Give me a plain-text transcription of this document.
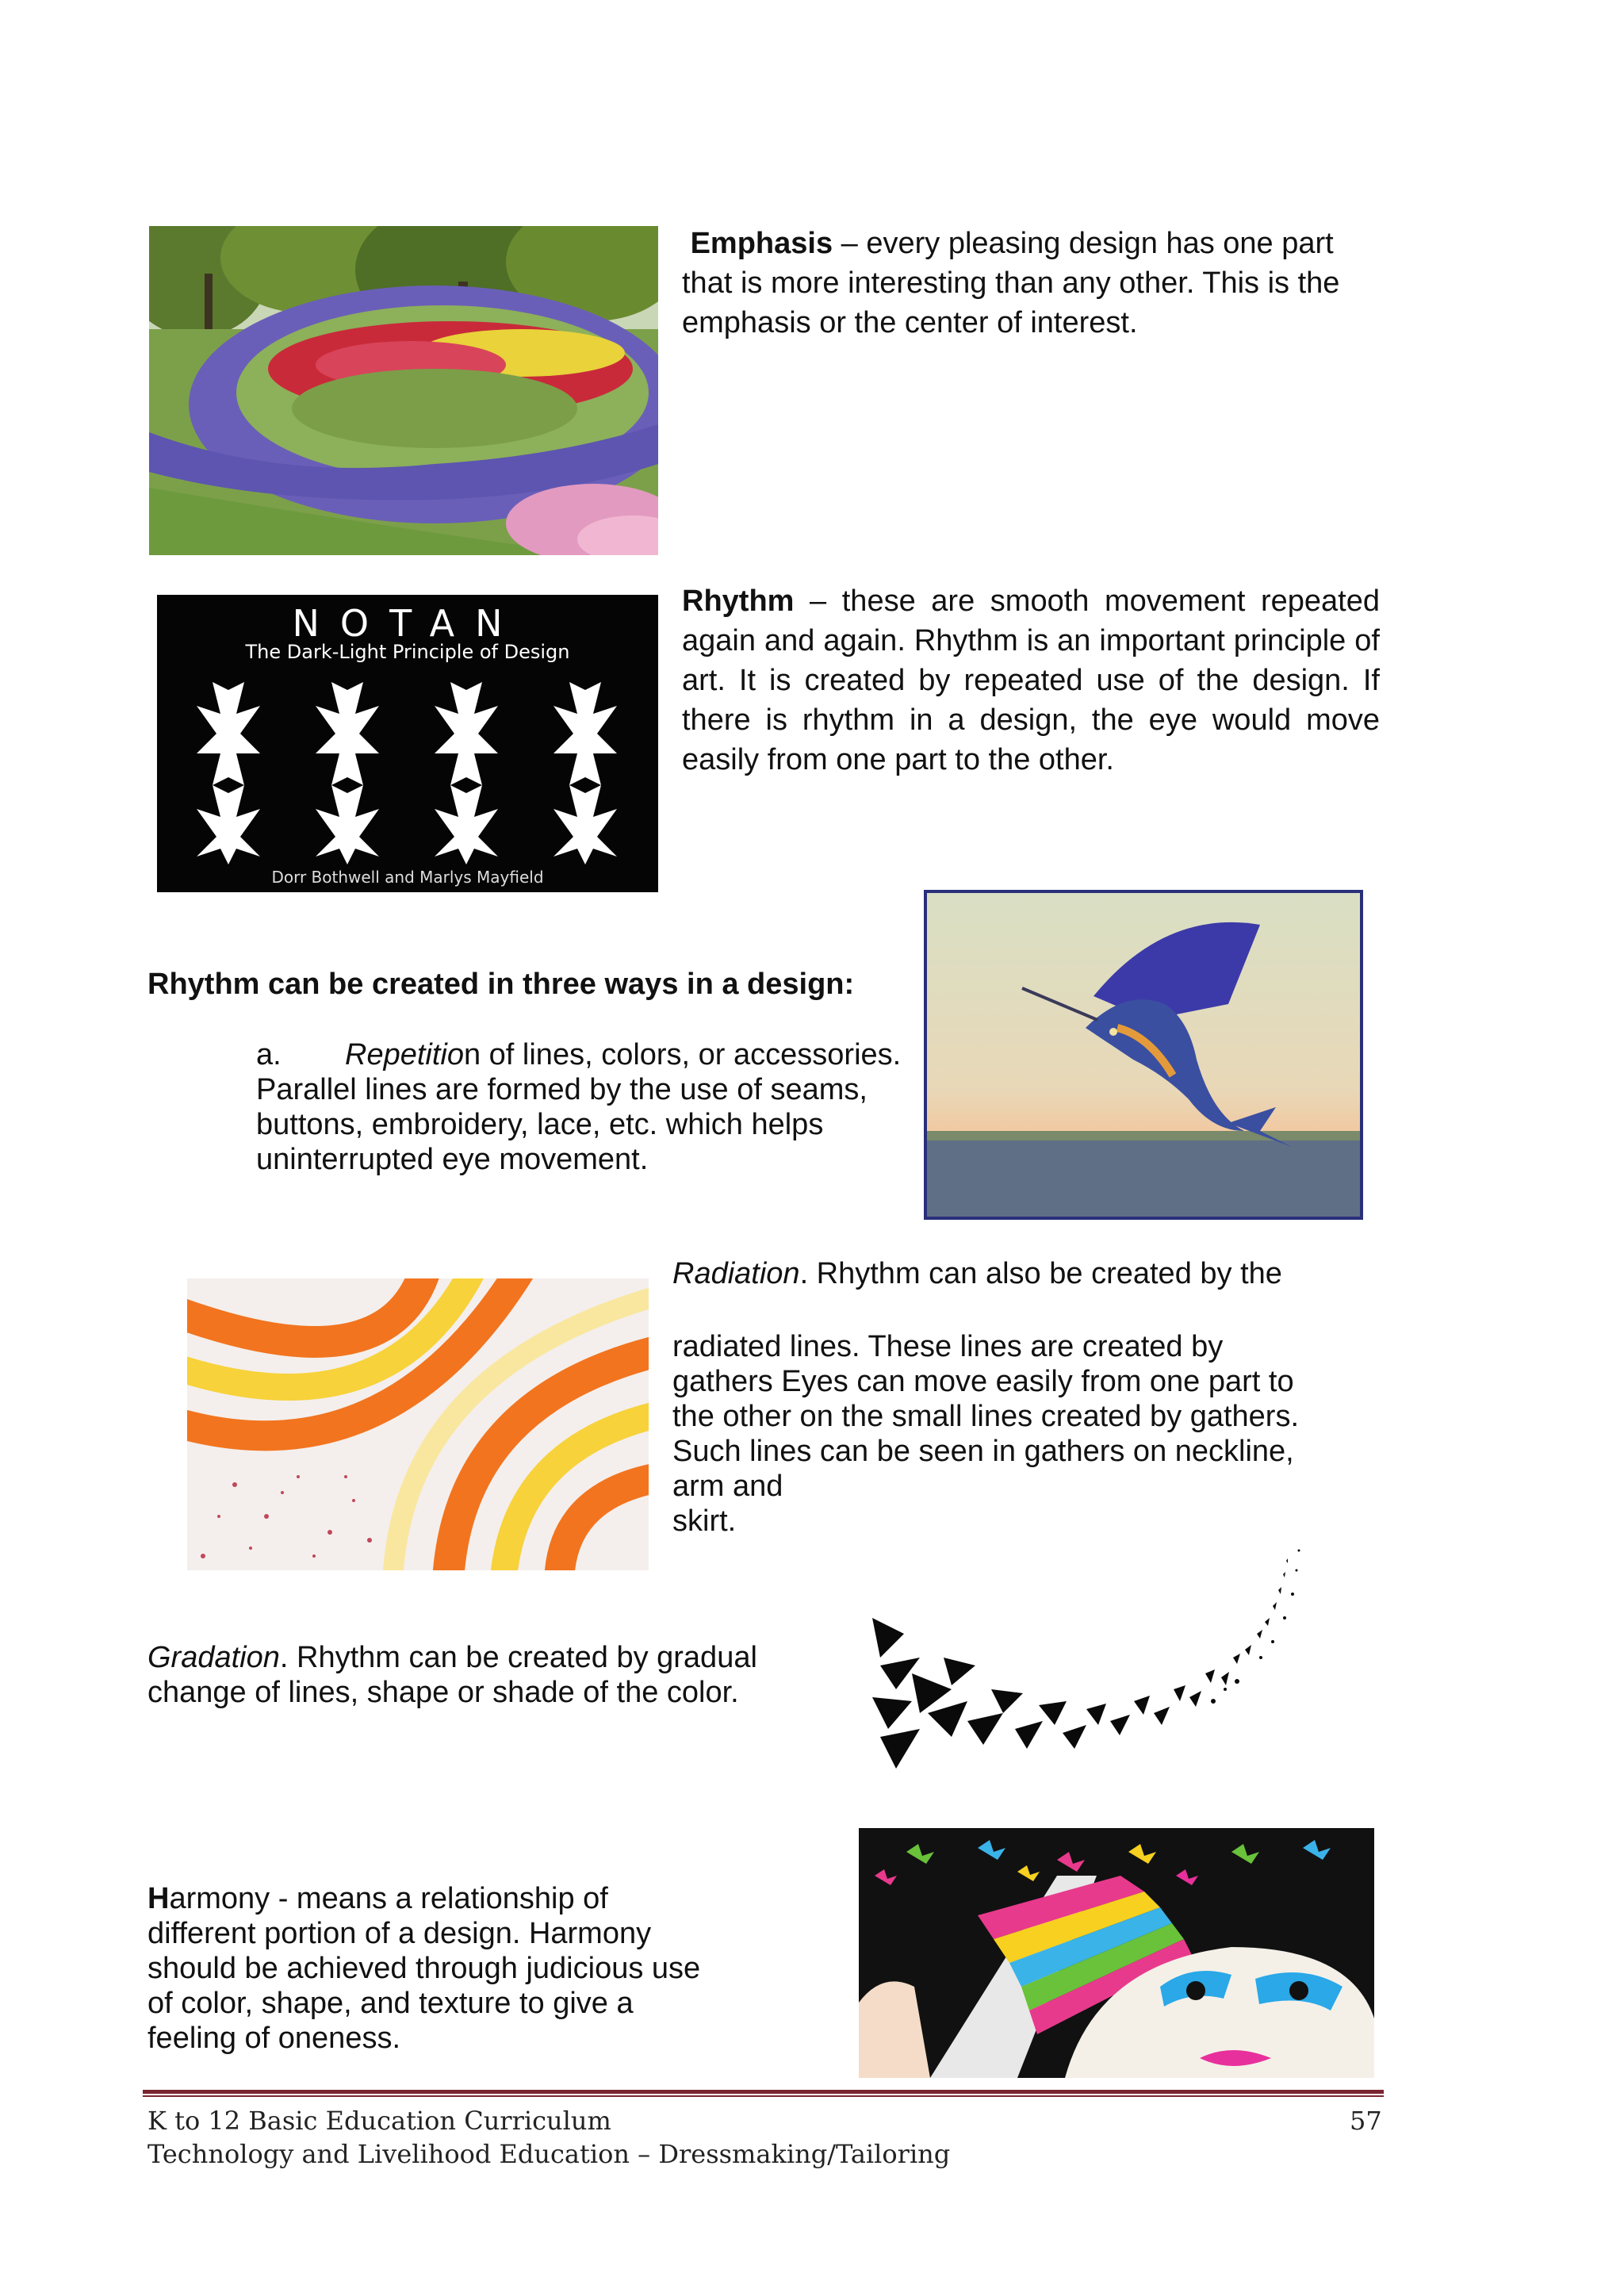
Emphasis – every pleasing design has one part that is more interesting than any other. This is the emphasis or the center of interest.
NOTAN
The Dark-Light Principle of Design
Dorr Bothwell and Marlys Mayfield
Rhythm – these are smooth movement repeated again and again. Rhythm is an important principle of art. It is created by repeated use of the design. If there is rhythm in a design, the eye would move easily from one part to the other.
Rhythm can be created in three ways in a design:
a. Repetition of lines, colors, or accessories.
Parallel lines are formed by the use of seams, buttons, embroidery, lace, etc. which helps uninterrupted eye movement.
Radiation. Rhythm can also be created by the
radiated lines. These lines are created by gathers Eyes can move easily from one part to the other on the small lines created by gathers. Such lines can be seen in gathers on neckline,
arm and
skirt.
Gradation. Rhythm can be created by gradual change of lines, shape or shade of the color.
Harmony - means a relationship of different portion of a design. Harmony should be achieved through judicious use of color, shape, and texture to give a feeling of oneness.
K to 12 Basic Education Curriculum
Technology and Livelihood Education – Dressmaking/Tailoring
57
